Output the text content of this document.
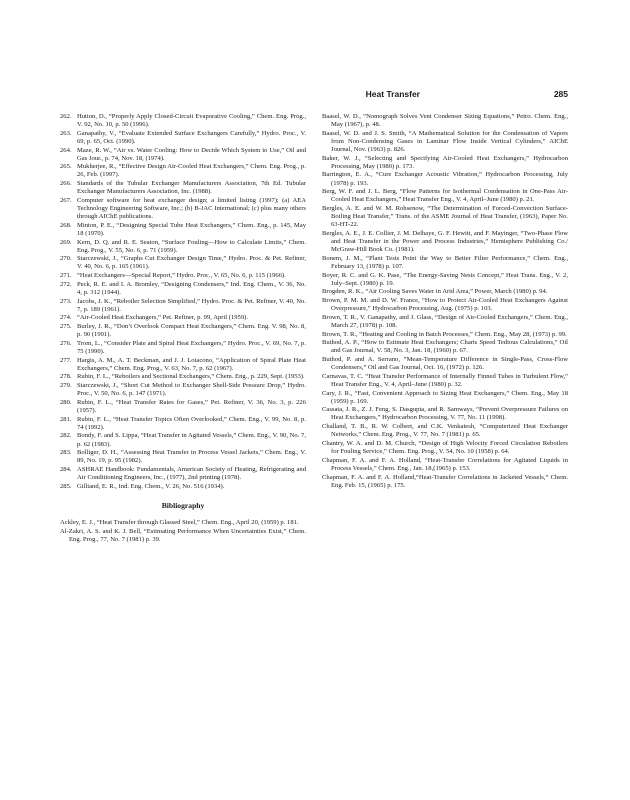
Heat Transfer	285

262. Hutton, D., “Properly Apply Closed-Circuit Evaporative Cooling,” Chem. Eng. Prog., V. 92, No. 10, p. 50 (1996).

263. Ganapathy, V., “Evaluate Extended Surface Exchangers Carefully,” Hydro. Proc., V. 69, p. 65, Oct. (1990).

264. Maze, R. W., “Air vs. Water Cooling: How to Decide Which System to Use,” Oil and Gas Jour., p. 74, Nov. 18, (1974).

265. Mukherjee, R., “Effective Design Air-Cooled Heat Exchangers,” Chem. Eng. Prog., p. 26, Feb. (1997).

266. Standards of the Tubular Exchanger Manufacturers Association, 7th Ed. Tubular Exchanger Manufacturers Association, Inc. (1988).

267. Computer software for heat exchanger design; a limited listing (1997); (a) AEA Technology Engineering Software, Inc.; (b) B-JAC International; (c) plus many others through AIChE publications.

268. Minton, P. E., “Designing Special Tube Heat Exchangers,” Chem. Eng., p. 145, May 18 (1970).

269. Kern, D. Q. and R. E. Seaton, “Surface Fouling—How to Calculate Limits,” Chem. Eng. Prog., V. 55, No. 6, p. 71 (1959).

270. Starczewski, J., “Graphs Cut Exchanger Design Time,” Hydro. Proc. & Pet. Refiner, V. 40, No. 6, p. 165 (1961).

271. “Heat Exchangers—Special Report,” Hydro. Proc., V. 65, No. 6, p. 115 (1966).

272. Peck, R. E. and I. A. Bromley, “Designing Condensers,” Ind. Eng. Chem., V. 36, No. 4, p. 312 (1944).

273. Jacobs, J. K., “Reboiler Selection Simplified,” Hydro. Proc. & Pet. Refiner, V. 40, No. 7, p. 189 (1961).

274. “Air-Cooled Heat Exchangers,” Pet. Refiner, p. 99, April (1959).

275. Burley, J. R., “Don’t Overlook Compact Heat Exchangers,” Chem. Eng. V. 98, No. 8, p. 90 (1991).

276. Trom, L., “Consider Plate and Spiral Heat Exchangers,” Hydro. Proc., V. 69, No. 7, p. 75 (1990).

277. Hargis, A. M., A. T. Beckman, and J. J. Loiacono, “Application of Spiral Plate Heat Exchangers,” Chem. Eng. Prog., V. 63, No. 7, p. 62 (1967).

278. Rubin, F. L., “Reboilers and Sectional Exchangers,” Chem. Eng., p. 229, Sept. (1953).

279. Starczewski, J., “Short Cut Method to Exchanger Shell-Side Pressure Drop,” Hydro. Proc., V. 50, No. 6, p. 147 (1971).

280. Rubin, F. L., “Heat Transfer Rates for Gases,” Pet. Refiner, V. 36, No. 3, p. 226 (1957).

281. Rubin, F. L., “Heat Transfer Topics Often Overlooked,” Chem. Eng., V. 99, No. 8, p. 74 (1992).

282. Bondy, F. and S. Lippa, “Heat Transfer in Agitated Vessels,” Chem. Eng., V. 90, No. 7, p. 62 (1983).

283. Bolliger, D. H., “Assessing Heat Transfer in Process Vessel Jackets,” Chem. Eng., V. 89, No. 19, p. 95 (1982).

284. ASHRAE Handbook: Fundamentals, American Society of Heating, Refrigerating and Air Conditioning Engineers, Inc., (1977), 2nd printing (1978).

285. Gilliand, E. R., Ind. Eng. Chem., V. 26, No. 516 (1934).

Bibliography

Ackley, E. J., “Heat Transfer through Glassed Steel,” Chem. Eng., April 20, (1959) p. 181.

Al-Zakri, A. S. and K. J. Bell, “Estimating Performance When Uncertainties Exist,” Chem. Eng. Prog., 77, No. 7 (1981) p. 39.

Baasel, W. D., “Nomograph Solves Vent Condenser Sizing Equations,” Petro. Chem. Eng., May (1967), p. 48.

Baasel, W. D. and J. S. Smith, “A Mathematical Solution for the Condensation of Vapors from Non-Condensing Gases in Laminar Flow Inside Vertical Cylinders,” AIChE Journal, Nov. (1963) p. 826.

Baker, W. J., “Selecting and Specifying Air-Cooled Heat Exchangers,” Hydrocarbon Processing, May (1980) p. 173.

Barrington, E. A., “Cure Exchanger Acoustic Vibration,” Hydrocarbon Processing, July (1978) p. 193.

Berg, W. F. and J. L. Berg, “Flow Patterns for Isothermal Condensation in One-Pass Air-Cooled Heat Exchangers,” Heat Transfer Eng., V. 4, April–June (1980) p. 21.

Bergles, A. E. and W. M. Rohsenow, “The Determination of Forced-Convection Surface-Boiling Heat Transfer,” Trans. of the ASME Journal of Heat Transfer, (1963), Paper No. 63-HT-22.

Bergles, A. E., J. E. Collier, J. M. Delhaye, G. F. Hewitt, and F. Mayinger, “Two-Phase Flow and Heat Transfer in the Power and Process Industries,” Hemisphere Publishing Co./ McGraw-Hill Book Co. (1981).

Bonem, J. M., “Plant Tests Point the Way to Better Filter Performance,” Chem. Eng., February 13, (1978) p. 107.

Boyer, R. C. and G. K. Pase, “The Energy-Saving Nests Concept,” Heat Trans. Eng., V. 2, July–Sept. (1980) p. 19.

Brogden, R. K., “Air Cooling Saves Water in Arid Area,” Power, March (1980) p. 94.

Brown, P. M. M. and D. W. France, “How to Protect Air-Cooled Heat Exchangers Against Overpressure,” Hydrocarbon Processing, Aug. (1975) p. 103.

Brown, T. R., V. Ganapathy, and J. Glass, “Design of Air-Cooled Exchangers,” Chem. Eng., March 27, (1978) p. 108.

Brown, T. R., “Heating and Cooling in Batch Processes,” Chem. Eng., May 28, (1973) p. 99.

Buthod, A. P., “How to Estimate Heat Exchangers; Charts Speed Tedious Calculations,” Oil and Gas Journal, V. 58, No. 3, Jan. 18, (1960) p. 67.

Buthod, P. and A. Serrano, “Mean-Temperature Difference in Single-Pass, Cross-Flow Condensers,” Oil and Gas Journal, Oct. 16, (1972) p. 126.

Carnavas, T. C. “Heat Transfer Performance of Internally Finned Tubes in Turbulent Flow,” Heat Transfer Eng., V. 4, April–June (1980) p. 32.

Cary, J. R., “Fast, Convenient Approach to Sizing Heat Exchangers,” Chem. Eng., May 18 (1959) p. 169.

Cassata, J. R., Z. J. Feng, S. Dasgupta, and R. Samways, “Prevent Overpressure Failures on Heat Exchangers,” Hydrocarbon Processing, V. 77, No. 11 (1998).

Challand, T. B., R. W. Colbert, and C.K. Venkatesh, “Computerized Heat Exchanger Networks,” Chem. Eng. Prog., V. 77, No. 7 (1981) p. 65.

Chantry, W. A. and D. M. Church, “Design of High Velocity Forced Circulation Reboilers for Fouling Service,” Chem. Eng. Prog., V. 54, No. 10 (1958) p. 64.

Chapman, F. A. and F. A. Holland, “Heat-Transfer Correlations for Agitated Liquids in Process Vessels,” Chem. Eng., Jan. 18,(1965) p. 153.

Chapman, F. A. and F. A. Holland,“Heat-Transfer Correlations in Jacketed Vessels,” Chem. Eng. Feb. 15, (1965) p. 175.
